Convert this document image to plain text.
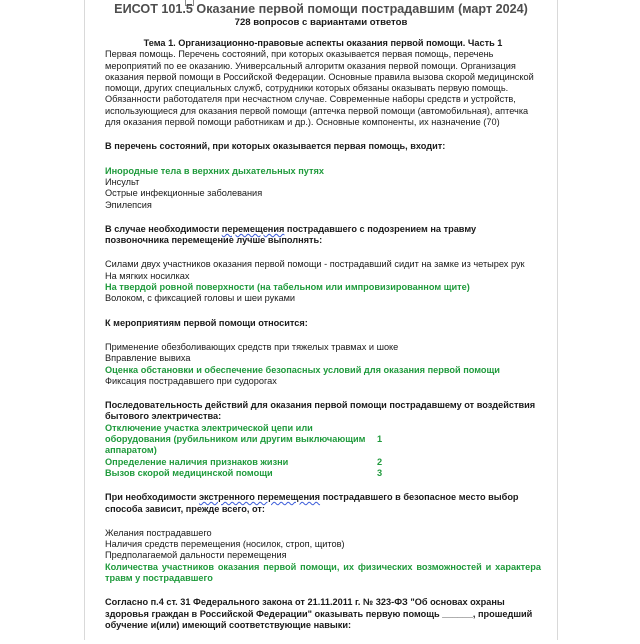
ЕИСОТ 101.5 Оказание первой помощи пострадавшим (март 2024)
728 вопросов с вариантами ответов

Тема 1. Организационно-правовые аспекты оказания первой помощи. Часть 1
Первая помощь. Перечень состояний, при которых оказывается первая помощь, перечень мероприятий по ее оказанию. Универсальный алгоритм оказания первой помощи. Организация оказания первой помощи в Российской Федерации. Основные правила вызова скорой медицинской помощи, других специальных служб, сотрудники которых обязаны оказывать первую помощь. Обязанности работодателя при несчастном случае. Современные наборы средств и устройств, использующиеся для оказания первой помощи (аптечка первой помощи (автомобильная), аптечка для оказания первой помощи работникам и др.). Основные компоненты, их назначение (70)

В перечень состояний, при которых оказывается первая помощь, входит:

Инородные тела в верхних дыхательных путях

Инсульт

Острые инфекционные заболевания

Эпилепсия

В случае необходимости перемещения пострадавшего с подозрением на травму позвоночника перемещение лучше выполнять:

Силами двух участников оказания первой помощи - пострадавший сидит на замке из четырех рук

На мягких носилках

На твердой ровной поверхности (на табельном или импровизированном щите)

Волоком, с фиксацией головы и шеи руками

К мероприятиям первой помощи относится:

Применение обезболивающих средств при тяжелых травмах и шоке

Вправление вывиха

Оценка обстановки и обеспечение безопасных условий для оказания первой помощи

Фиксация пострадавшего при судорогах

Последовательность действий для оказания первой помощи пострадавшему от воздействия бытового электричества:

Отключение участка электрической цепи или оборудования (рубильником или другим выключающим аппаратом)

1
Определение наличия признаков жизни	2
Вызов скорой медицинской помощи	3

При необходимости экстренного перемещения пострадавшего в безопасное место выбор способа зависит, прежде всего, от:

Желания пострадавшего

Наличия средств перемещения (носилок, строп, щитов)

Предполагаемой дальности перемещения

Количества участников оказания первой помощи, их физических возможностей и характера травм у пострадавшего

Согласно п.4 ст. 31 Федерального закона от 21.11.2011 г. № 323-ФЗ "Об основах охраны здоровья граждан в Российской Федерации" оказывать первую помощь ______, прошедший обучение и(или) имеющий соответствующие навыки:
